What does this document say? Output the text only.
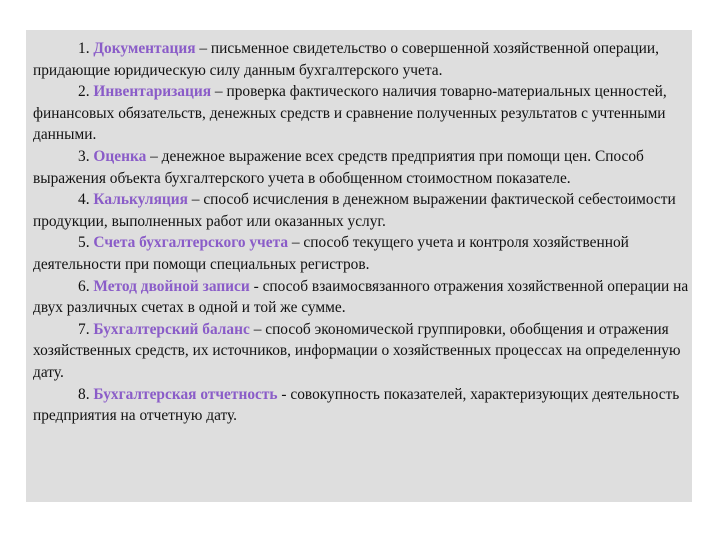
1. Документация – письменное свидетельство о совершенной хозяйственной операции, придающие юридическую силу данным бухгалтерского учета.

2. Инвентаризация – проверка фактического наличия товарно-материальных ценностей, финансовых обязательств, денежных средств и сравнение полученных результатов с учтенными данными.

3. Оценка – денежное выражение всех средств предприятия при помощи цен. Способ выражения объекта бухгалтерского учета в обобщенном стоимостном показателе.

4. Калькуляция – способ исчисления в денежном выражении фактической себестоимости продукции, выполненных работ или оказанных услуг.

5. Счета бухгалтерского учета – способ текущего учета и контроля хозяйственной деятельности при помощи специальных регистров.

6. Метод двойной записи - способ взаимосвязанного отражения хозяйственной операции на двух различных счетах в одной и той же сумме.

7. Бухгалтерский баланс – способ экономической группировки, обобщения и отражения хозяйственных средств, их источников, информации о хозяйственных процессах на определенную дату.

8. Бухгалтерская отчетность - совокупность показателей, характеризующих деятельность предприятия на отчетную дату.
